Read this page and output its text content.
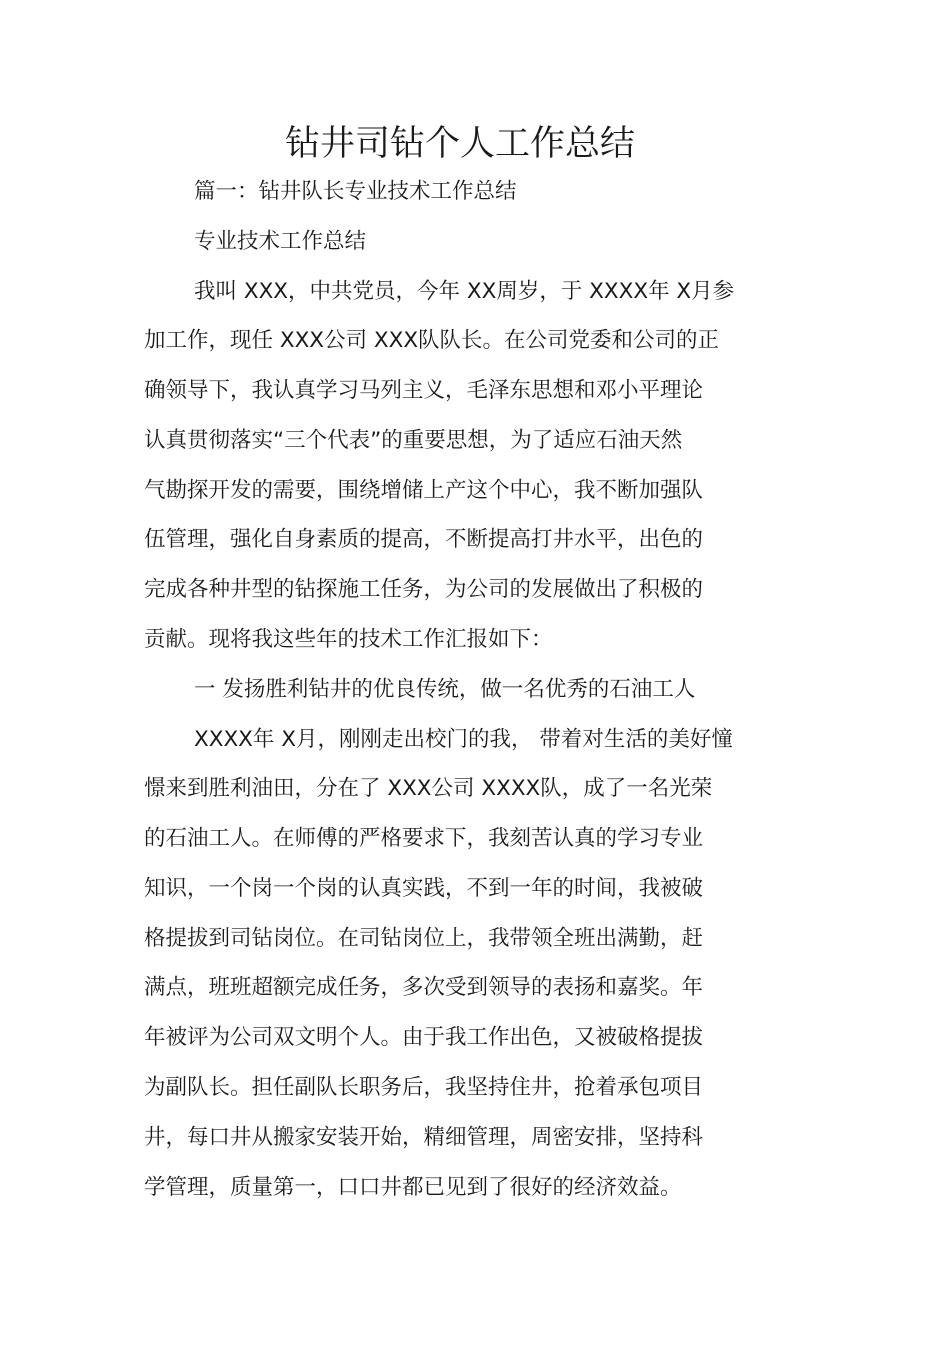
钻井司钻个人工作总结
篇一：钻井队长专业技术工作总结
专业技术工作总结
我叫 XXX，中共党员，今年 XX周岁，于 XXXX年 X月参
加工作，现任 XXX公司 XXX队队长。在公司党委和公司的正
确领导下，我认真学习马列主义，毛泽东思想和邓小平理论
认真贯彻落实“三个代表”的重要思想，为了适应石油天然
气勘探开发的需要，围绕增储上产这个中心，我不断加强队
伍管理，强化自身素质的提高，不断提高打井水平，出色的
完成各种井型的钻探施工任务，为公司的发展做出了积极的
贡献。现将我这些年的技术工作汇报如下：
一 发扬胜利钻井的优良传统，做一名优秀的石油工人
XXXX年 X月，刚刚走出校门的我， 带着对生活的美好憧
憬来到胜利油田，分在了 XXX公司 XXXX队，成了一名光荣
的石油工人。在师傅的严格要求下，我刻苦认真的学习专业
知识，一个岗一个岗的认真实践，不到一年的时间，我被破
格提拔到司钻岗位。在司钻岗位上，我带领全班出满勤，赶
满点，班班超额完成任务，多次受到领导的表扬和嘉奖。年
年被评为公司双文明个人。由于我工作出色，又被破格提拔
为副队长。担任副队长职务后，我坚持住井，抢着承包项目
井，每口井从搬家安装开始，精细管理，周密安排，坚持科
学管理，质量第一，口口井都已见到了很好的经济效益。
